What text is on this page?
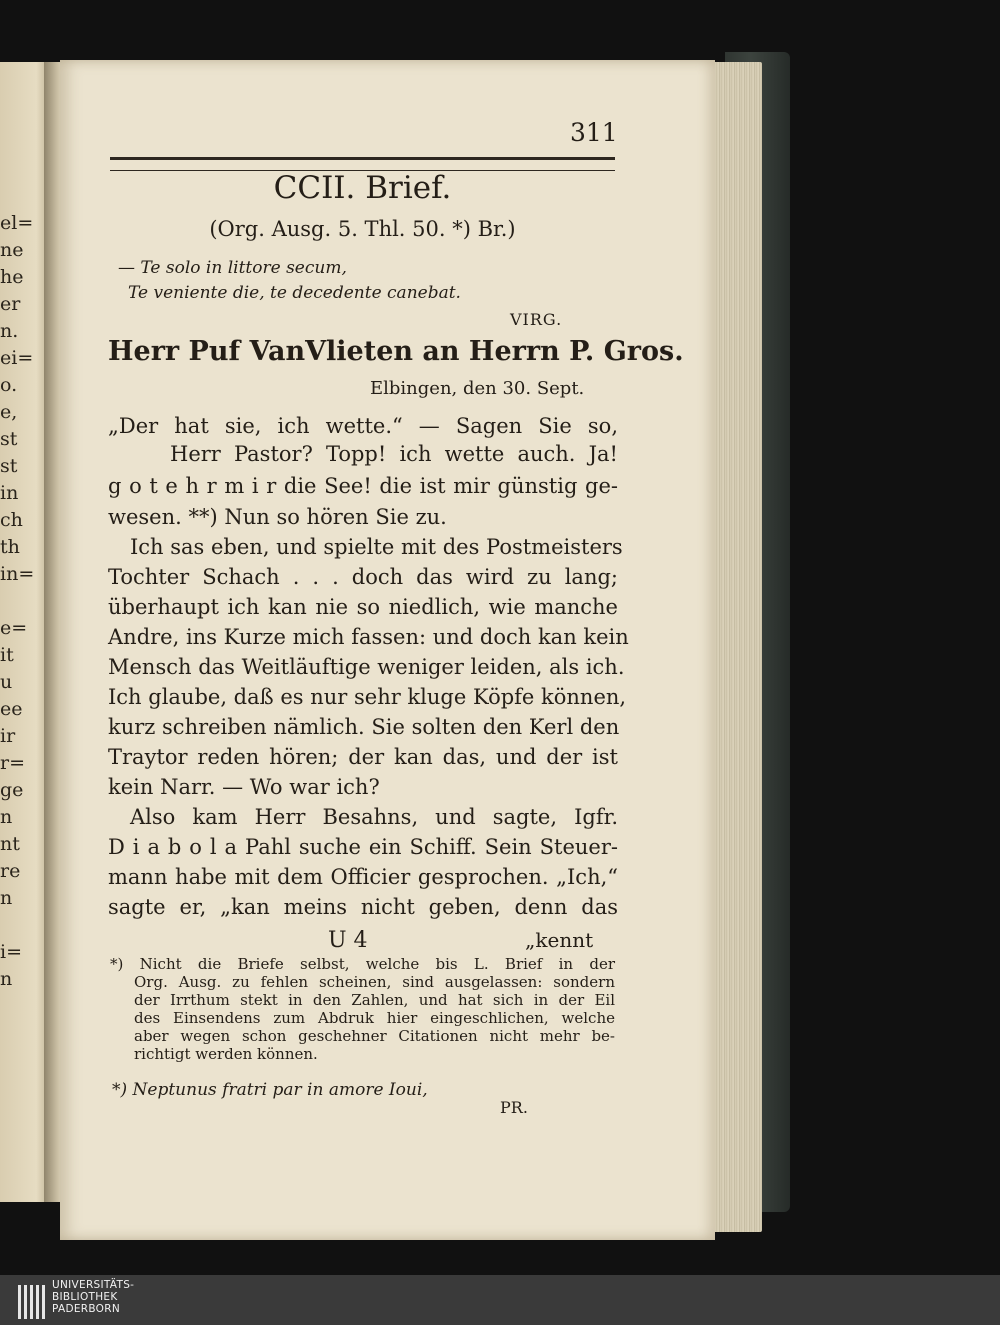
el=
ne
he
er
n.
ei=
o.
e,
st
st
in
ch
th
in=
e=
it
u
ee
ir
r=
ge
n
nt
re
n
i=
n
311
CCII. Brief.
(Org. Ausg. 5. Thl. 50. *) Br.)
— Te solo in littore secum,
Te veniente die, te decedente canebat.
VIRG.
Herr Puf VanVlieten an Herrn P. Gros.
Elbingen, den 30. Sept.
„Der hat sie, ich wette.“ — Sagen Sie so,
Herr Pastor? Topp! ich wette auch. Ja!
g o t e h r m i r die See! die ist mir günstig ge-
wesen. **) Nun so hören Sie zu.
Ich sas eben, und spielte mit des Postmeisters
Tochter Schach . . . doch das wird zu lang;
überhaupt ich kan nie so niedlich, wie manche
Andre, ins Kurze mich fassen: und doch kan kein
Mensch das Weitläuftige weniger leiden, als ich.
Ich glaube, daß es nur sehr kluge Köpfe können,
kurz schreiben nämlich. Sie solten den Kerl den
Traytor reden hören; der kan das, und der ist
kein Narr. — Wo war ich?
Also kam Herr Besahns, und sagte, Igfr.
D i a b o l a Pahl suche ein Schiff. Sein Steuer-
mann habe mit dem Officier gesprochen. „Ich,“
sagte er, „kan meins nicht geben, denn das
U 4	„kennt
*) Nicht die Briefe selbst, welche bis L. Brief in der
Org. Ausg. zu fehlen scheinen, sind ausgelassen: sondern
der Irrthum stekt in den Zahlen, und hat sich in der Eil
des Einsendens zum Abdruk hier eingeschlichen, welche
aber wegen schon geschehner Citationen nicht mehr be-
richtigt werden können.
*) Neptunus fratri par in amore Ioui,
PR.
UNIVERSITÄTS-
BIBLIOTHEK
PADERBORN
